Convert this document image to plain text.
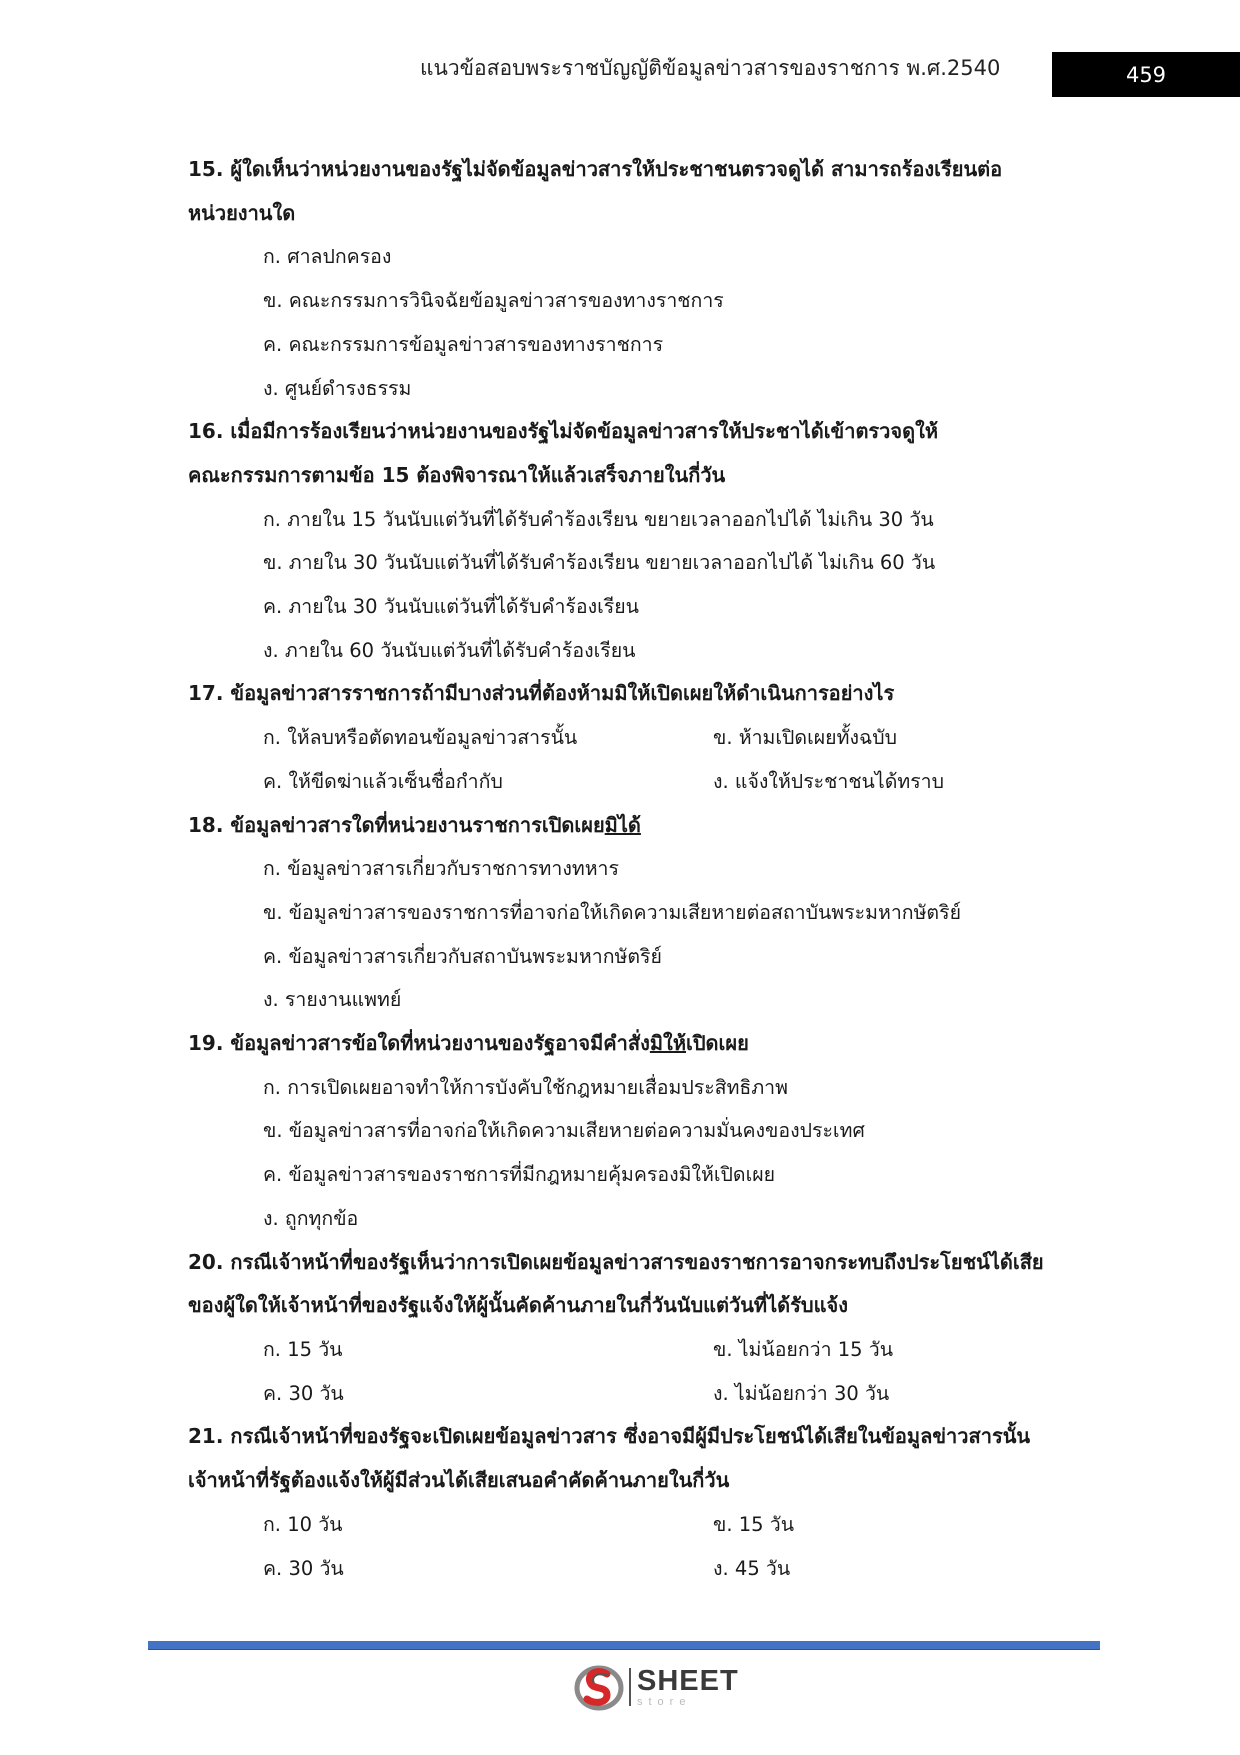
แนวข้อสอบพระราชบัญญัติข้อมูลข่าวสารของราชการ พ.ศ.2540	459

15. ผู้ใดเห็นว่าหน่วยงานของรัฐไม่จัดข้อมูลข่าวสารให้ประชาชนตรวจดูได้ สามารถร้องเรียนต่อ

หน่วยงานใด

ก. ศาลปกครอง

ข. คณะกรรมการวินิจฉัยข้อมูลข่าวสารของทางราชการ

ค. คณะกรรมการข้อมูลข่าวสารของทางราชการ

ง. ศูนย์ดำรงธรรม

16. เมื่อมีการร้องเรียนว่าหน่วยงานของรัฐไม่จัดข้อมูลข่าวสารให้ประชาได้เข้าตรวจดูให้

คณะกรรมการตามข้อ 15 ต้องพิจารณาให้แล้วเสร็จภายในกี่วัน

ก. ภายใน 15 วันนับแต่วันที่ได้รับคำร้องเรียน ขยายเวลาออกไปได้ ไม่เกิน 30 วัน

ข. ภายใน 30 วันนับแต่วันที่ได้รับคำร้องเรียน ขยายเวลาออกไปได้ ไม่เกิน 60 วัน

ค. ภายใน 30 วันนับแต่วันที่ได้รับคำร้องเรียน

ง. ภายใน 60 วันนับแต่วันที่ได้รับคำร้องเรียน

17. ข้อมูลข่าวสารราชการถ้ามีบางส่วนที่ต้องห้ามมิให้เปิดเผยให้ดำเนินการอย่างไร

ก. ให้ลบหรือตัดทอนข้อมูลข่าวสารนั้น	ข. ห้ามเปิดเผยทั้งฉบับ
ค. ให้ขีดฆ่าแล้วเซ็นชื่อกำกับ	ง. แจ้งให้ประชาชนได้ทราบ

18. ข้อมูลข่าวสารใดที่หน่วยงานราชการเปิดเผยมิได้

ก. ข้อมูลข่าวสารเกี่ยวกับราชการทางทหาร

ข. ข้อมูลข่าวสารของราชการที่อาจก่อให้เกิดความเสียหายต่อสถาบันพระมหากษัตริย์

ค. ข้อมูลข่าวสารเกี่ยวกับสถาบันพระมหากษัตริย์

ง. รายงานแพทย์

19. ข้อมูลข่าวสารข้อใดที่หน่วยงานของรัฐอาจมีคำสั่งมิให้เปิดเผย

ก. การเปิดเผยอาจทำให้การบังคับใช้กฎหมายเสื่อมประสิทธิภาพ

ข. ข้อมูลข่าวสารที่อาจก่อให้เกิดความเสียหายต่อความมั่นคงของประเทศ

ค. ข้อมูลข่าวสารของราชการที่มีกฎหมายคุ้มครองมิให้เปิดเผย

ง. ถูกทุกข้อ

20. กรณีเจ้าหน้าที่ของรัฐเห็นว่าการเปิดเผยข้อมูลข่าวสารของราชการอาจกระทบถึงประโยชน์ได้เสีย

ของผู้ใดให้เจ้าหน้าที่ของรัฐแจ้งให้ผู้นั้นคัดค้านภายในกี่วันนับแต่วันที่ได้รับแจ้ง

ก. 15 วัน	ข. ไม่น้อยกว่า 15 วัน
ค. 30 วัน	ง. ไม่น้อยกว่า 30 วัน

21. กรณีเจ้าหน้าที่ของรัฐจะเปิดเผยข้อมูลข่าวสาร ซึ่งอาจมีผู้มีประโยชน์ได้เสียในข้อมูลข่าวสารนั้น

เจ้าหน้าที่รัฐต้องแจ้งให้ผู้มีส่วนได้เสียเสนอคำคัดค้านภายในกี่วัน

ก. 10 วัน	ข. 15 วัน
ค. 30 วัน	ง. 45 วัน
SHEET
store
